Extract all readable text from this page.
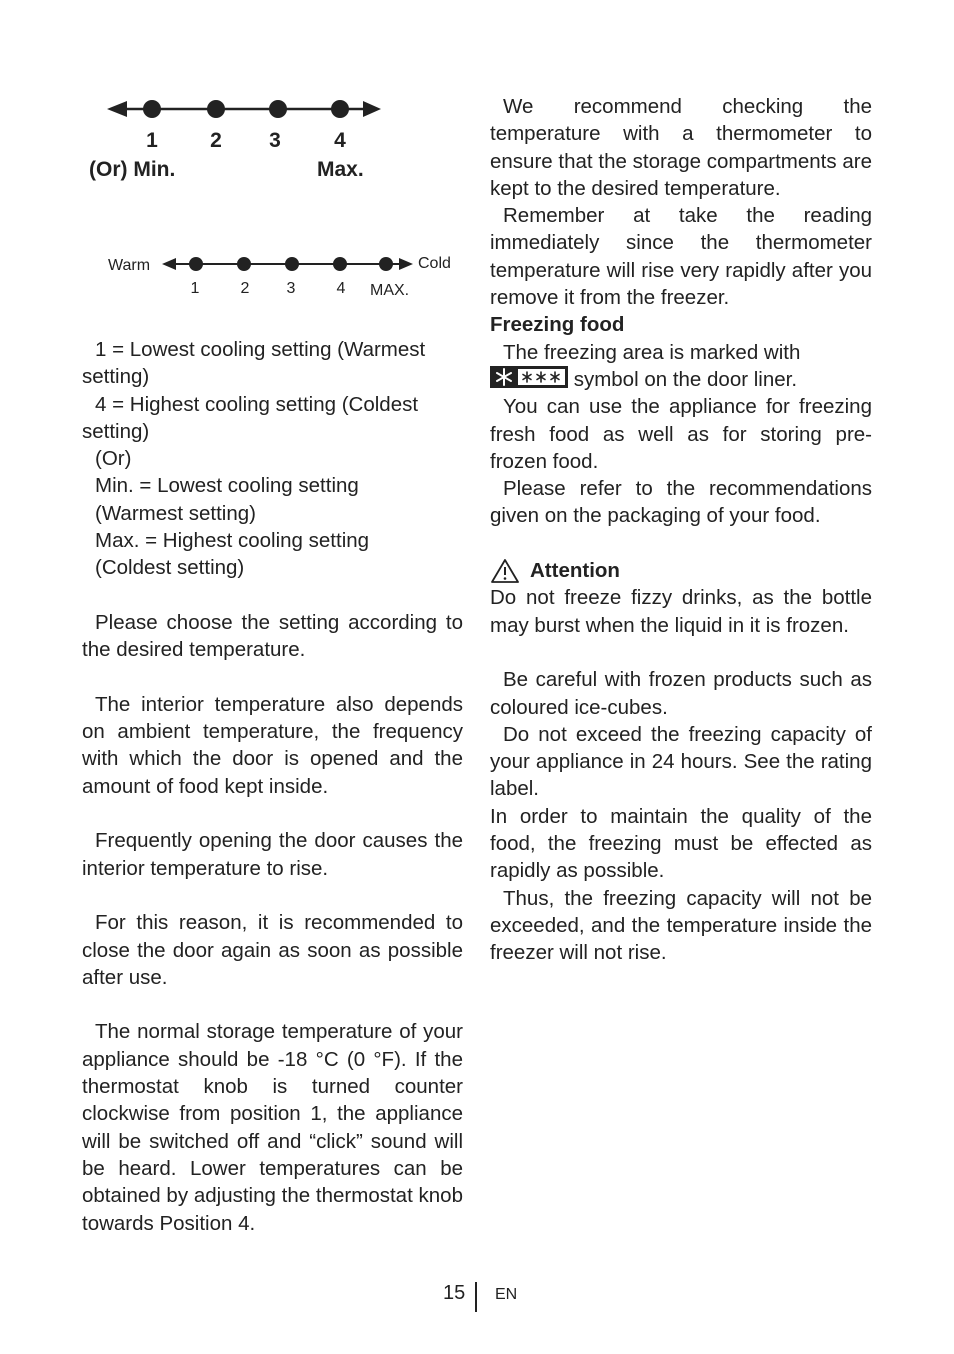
1 2 3	4
(Or) Min.	Max.
Warm	Cold
1	2 3	4 MAX.

1 = Lowest cooling setting (Warmest

setting)

4 = Highest cooling setting (Coldest

setting)

(Or)

Min. = Lowest cooling setting

(Warmest setting)

Max. = Highest cooling setting

(Coldest setting)

Please choose the setting according to the desired temperature.

The interior temperature also depends on ambient temperature, the frequency with which the door is opened and the amount of food kept inside.

Frequently opening the door causes the interior temperature to rise.

For this reason, it is recommended to close the door again as soon as possible after use.

The normal storage temperature of your appliance should be -18 °C (0 °F). If the thermostat knob is turned counter clockwise from position 1, the appliance will be switched off and “click” sound will be heard. Lower temperatures can be obtained by adjusting the thermostat knob towards Position 4.

We recommend checking the temperature with a thermometer to ensure that the storage compartments are kept to the desired temperature.

Remember at take the reading immediately since the thermometer temperature will rise very rapidly after you remove it from the freezer.

Freezing food

The freezing area is marked with

symbol on the door liner.

You can use the appliance for freezing fresh food as well as for storing pre-frozen food.

Please refer to the recommendations given on the packaging of your food.

Attention

Do not freeze fizzy drinks, as the bottle may burst when the liquid in it is frozen.

Be careful with frozen products such as coloured ice-cubes.

Do not exceed the freezing capacity of your appliance in 24 hours. See the rating label.

In order to maintain the quality of the food, the freezing must be effected as rapidly as possible.

Thus, the freezing capacity will not be exceeded, and the temperature inside the freezer will not rise.

15 EN
